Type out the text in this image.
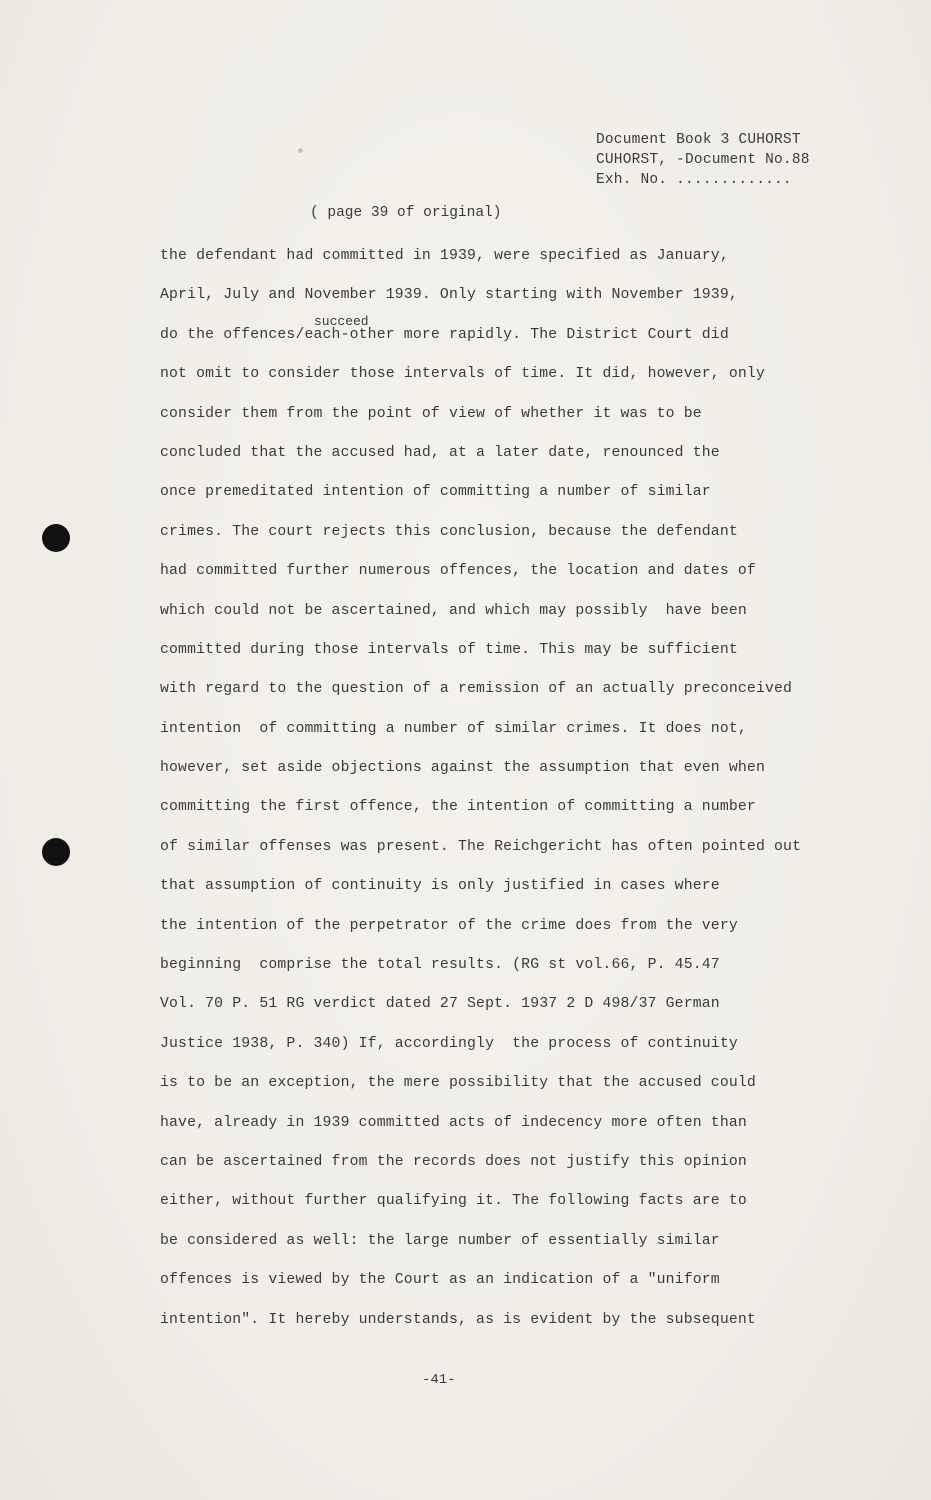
Document Book 3 CUHORST
CUHORST, -Document No.88
Exh. No. .............
( page 39 of original)
succeed
the defendant had committed in 1939, were specified as January,
April, July and November 1939. Only starting with November 1939,
do the offences/each-other more rapidly. The District Court did
not omit to consider those intervals of time. It did, however, only
consider them from the point of view of whether it was to be
concluded that the accused had, at a later date, renounced the
once premeditated intention of committing a number of similar
crimes. The court rejects this conclusion, because the defendant
had committed further numerous offences, the location and dates of
which could not be ascertained, and which may possibly  have been
committed during those intervals of time. This may be sufficient
with regard to the question of a remission of an actually preconceived
intention  of committing a number of similar crimes. It does not,
however, set aside objections against the assumption that even when
committing the first offence, the intention of committing a number
of similar offenses was present. The Reichgericht has often pointed out
that assumption of continuity is only justified in cases where
the intention of the perpetrator of the crime does from the very
beginning  comprise the total results. (RG st vol.66, P. 45.47
Vol. 70 P. 51 RG verdict dated 27 Sept. 1937 2 D 498/37 German
Justice 1938, P. 340) If, accordingly  the process of continuity
is to be an exception, the mere possibility that the accused could
have, already in 1939 committed acts of indecency more often than
can be ascertained from the records does not justify this opinion
either, without further qualifying it. The following facts are to
be considered as well: the large number of essentially similar
offences is viewed by the Court as an indication of a "uniform
intention". It hereby understands, as is evident by the subsequent
-41-
